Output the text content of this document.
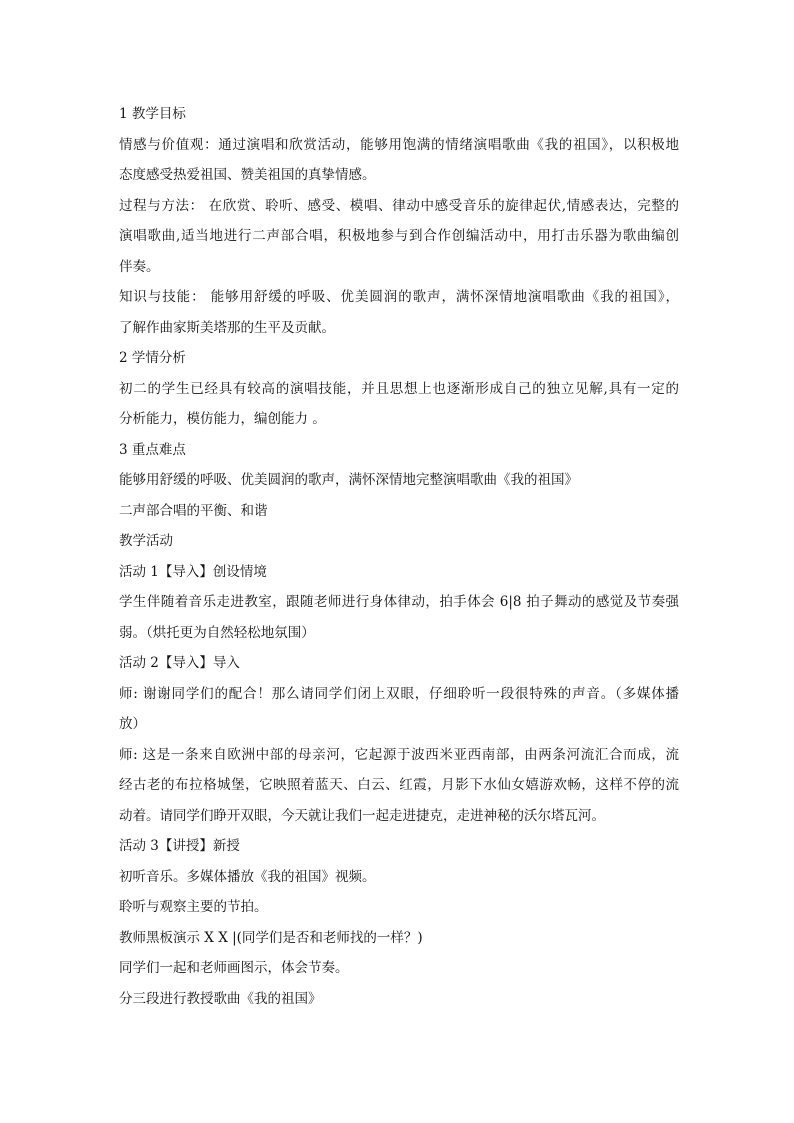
1 教学目标
情感与价值观：通过演唱和欣赏活动，能够用饱满的情绪演唱歌曲《我的祖国》，以积极地
态度感受热爱祖国、赞美祖国的真挚情感。
过程与方法： 在欣赏、聆听、感受、模唱、律动中感受音乐的旋律起伏,情感表达，完整的
演唱歌曲,适当地进行二声部合唱，积极地参与到合作创编活动中，用打击乐器为歌曲编创
伴奏。
知识与技能： 能够用舒缓的呼吸、优美圆润的歌声，满怀深情地演唱歌曲《我的祖国》，
了解作曲家斯美塔那的生平及贡献。
2 学情分析
初二的学生已经具有较高的演唱技能，并且思想上也逐渐形成自己的独立见解,具有一定的
分析能力，模仿能力，编创能力 。
3 重点难点
能够用舒缓的呼吸、优美圆润的歌声，满怀深情地完整演唱歌曲《我的祖国》
二声部合唱的平衡、和谐
教学活动
活动 1【导入】创设情境
学生伴随着音乐走进教室，跟随老师进行身体律动，拍手体会 6|8 拍子舞动的感觉及节奏强
弱。（烘托更为自然轻松地氛围）
活动 2【导入】导入
师: 谢谢同学们的配合！那么请同学们闭上双眼，仔细聆听一段很特殊的声音。（多媒体播
放）
师: 这是一条来自欧洲中部的母亲河，它起源于波西米亚西南部，由两条河流汇合而成，流
经古老的布拉格城堡，它映照着蓝天、白云、红霞，月影下水仙女嬉游欢畅，这样不停的流
动着。请同学们睁开双眼，今天就让我们一起走进捷克，走进神秘的沃尔塔瓦河。
活动 3【讲授】新授
初听音乐。多媒体播放《我的祖国》视频。
聆听与观察主要的节拍。
教师黑板演示 X X |(同学们是否和老师找的一样？)
同学们一起和老师画图示，体会节奏。
分三段进行教授歌曲《我的祖国》
